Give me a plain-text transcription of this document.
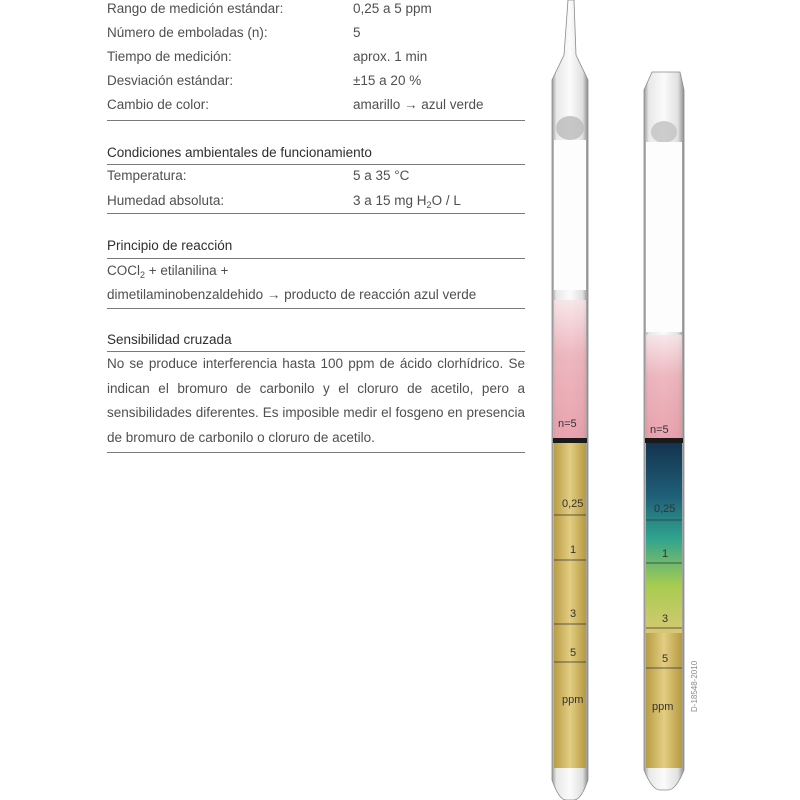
Rango de medición estándar:	0,25 a 5 ppm
Número de emboladas (n):	5
Tiempo de medición:	aprox. 1 min
Desviación estándar:	±15 a 20 %
Cambio de color:	amarillo → azul verde
Condiciones ambientales de funcionamiento
Temperatura:	5 a 35 °C
Humedad absoluta:	3 a 15 mg $H_2O$ / L
Principio de reacción
COCl$_2$ + etilanilina +
dimetilaminobenzaldehido → producto de reacción azul verde
Sensibilidad cruzada
No se produce interferencia hasta 100 ppm de ácido clorhídrico. Se indican el bromuro de carbonilo y el cloruro de acetilo, pero a sensibilidades diferentes. Es imposible medir el fosgeno en presencia de bromuro de carbonilo o cloruro de acetilo.
n=5
0,25
1
3
5
ppm
n=5
0,25
1
3
5
ppm D-18548-2010
